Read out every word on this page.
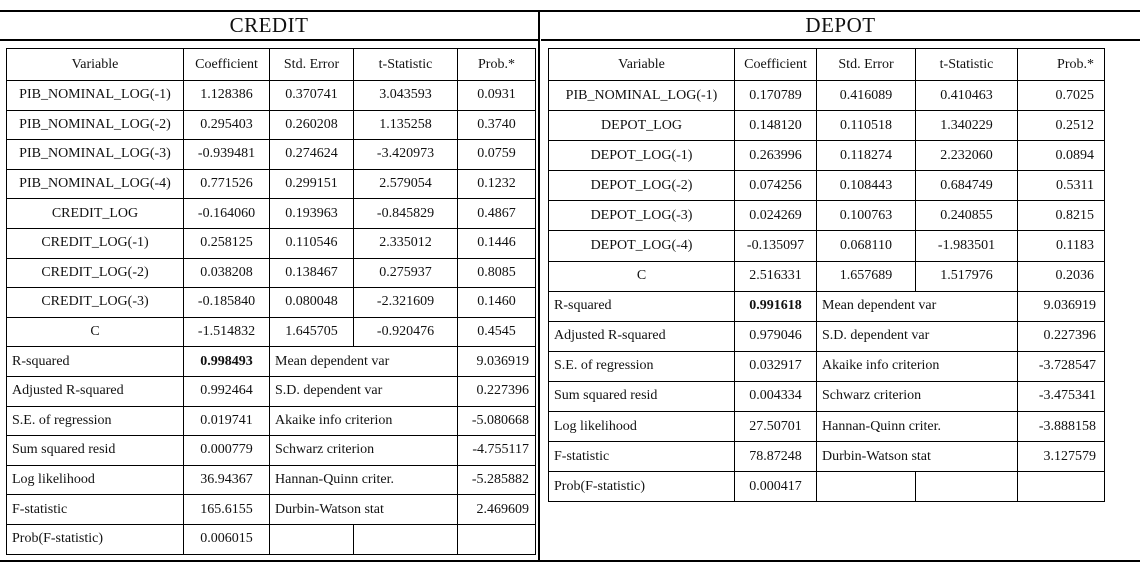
CREDIT
Variable	Coefficient	Std. Error	t-Statistic	Prob.*
PIB_NOMINAL_LOG(-1)	1.128386	0.370741	3.043593	0.0931
PIB_NOMINAL_LOG(-2)	0.295403	0.260208	1.135258	0.3740
PIB_NOMINAL_LOG(-3)	-0.939481	0.274624	-3.420973	0.0759
PIB_NOMINAL_LOG(-4)	0.771526	0.299151	2.579054	0.1232
CREDIT_LOG	-0.164060	0.193963	-0.845829	0.4867
CREDIT_LOG(-1)	0.258125	0.110546	2.335012	0.1446
CREDIT_LOG(-2)	0.038208	0.138467	0.275937	0.8085
CREDIT_LOG(-3)	-0.185840	0.080048	-2.321609	0.1460
C	-1.514832	1.645705	-0.920476	0.4545
R-squared	0.998493	Mean dependent var		9.036919
Adjusted R-squared	0.992464	S.D. dependent var		0.227396
S.E. of regression	0.019741	Akaike info criterion		-5.080668
Sum squared resid	0.000779	Schwarz criterion		-4.755117
Log likelihood	36.94367	Hannan-Quinn criter.		-5.285882
F-statistic	165.6155	Durbin-Watson stat		2.469609
Prob(F-statistic)	0.006015			
DEPOT
Variable	Coefficient	Std. Error	t-Statistic	Prob.*
PIB_NOMINAL_LOG(-1)	0.170789	0.416089	0.410463	0.7025
DEPOT_LOG	0.148120	0.110518	1.340229	0.2512
DEPOT_LOG(-1)	0.263996	0.118274	2.232060	0.0894
DEPOT_LOG(-2)	0.074256	0.108443	0.684749	0.5311
DEPOT_LOG(-3)	0.024269	0.100763	0.240855	0.8215
DEPOT_LOG(-4)	-0.135097	0.068110	-1.983501	0.1183
C	2.516331	1.657689	1.517976	0.2036
R-squared	0.991618	Mean dependent var		9.036919
Adjusted R-squared	0.979046	S.D. dependent var		0.227396
S.E. of regression	0.032917	Akaike info criterion		-3.728547
Sum squared resid	0.004334	Schwarz criterion		-3.475341
Log likelihood	27.50701	Hannan-Quinn criter.		-3.888158
F-statistic	78.87248	Durbin-Watson stat		3.127579
Prob(F-statistic)	0.000417			
